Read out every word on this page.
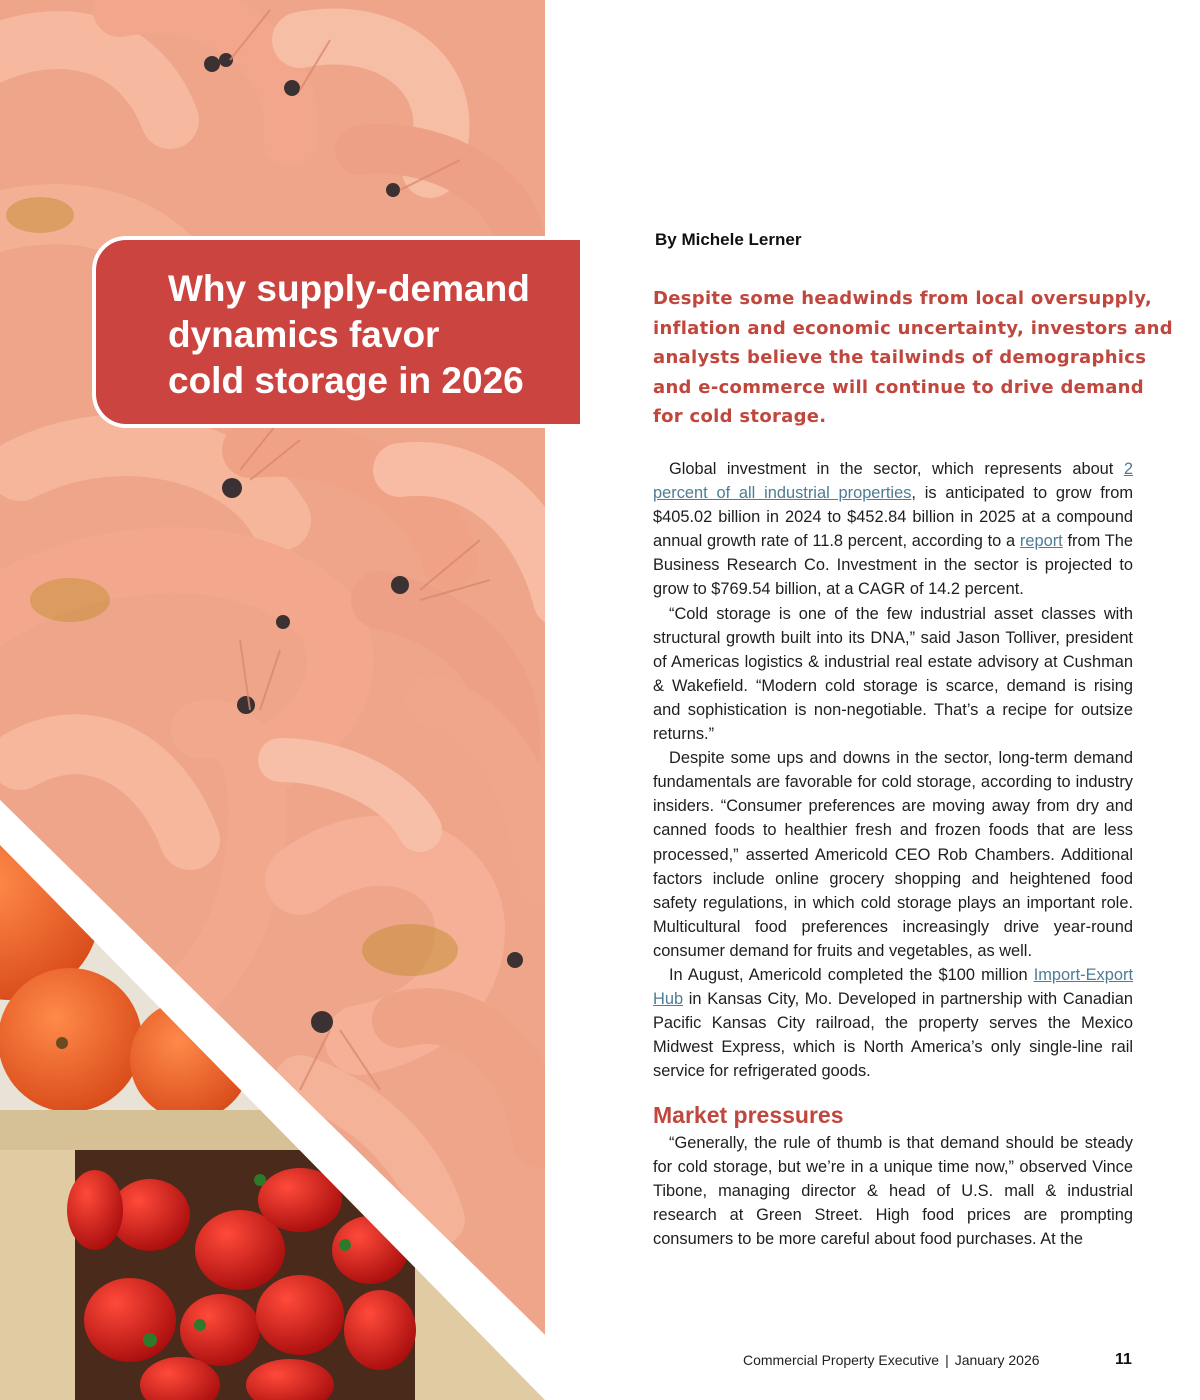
Why supply-demand
dynamics favor
cold storage in 2026

By Michele Lerner

Despite some headwinds from local oversupply,
inflation and economic uncertainty, investors and
analysts believe the tailwinds of demographics
and e-commerce will continue to drive demand
for cold storage.

Global investment in the sector, which represents about 2 percent of all industrial properties, is anticipated to grow from $405.02 billion in 2024 to $452.84 billion in 2025 at a compound annual growth rate of 11.8 percent, according to a report from The Business Research Co. Investment in the sector is projected to grow to $769.54 billion, at a CAGR of 14.2 percent.

“Cold storage is one of the few industrial asset classes with structural growth built into its DNA,” said Jason Tolliver, president of Americas logistics & industrial real estate advisory at Cushman & Wakefield. “Modern cold storage is scarce, demand is rising and sophistication is non-negotiable. That’s a recipe for outsize returns.”

Despite some ups and downs in the sector, long-term demand fundamentals are favorable for cold storage, according to industry insiders. “Consumer preferences are moving away from dry and canned foods to healthier fresh and frozen foods that are less processed,” asserted Americold CEO Rob Chambers. Additional factors include online grocery shopping and heightened food safety regulations, in which cold storage plays an important role. Multicultural food preferences increasingly drive year-round consumer demand for fruits and vegetables, as well.

In August, Americold completed the $100 million Import-Export Hub in Kansas City, Mo. Developed in partnership with Canadian Pacific Kansas City railroad, the property serves the Mexico Midwest Express, which is North America’s only single-line rail service for refrigerated goods.

Market pressures

“Generally, the rule of thumb is that demand should be steady for cold storage, but we’re in a unique time now,” observed Vince Tibone, managing director & head of U.S. mall & industrial research at Green Street. High food prices are prompting consumers to be more careful about food purchases. At the

Commercial Property Executive | January 2026	11
